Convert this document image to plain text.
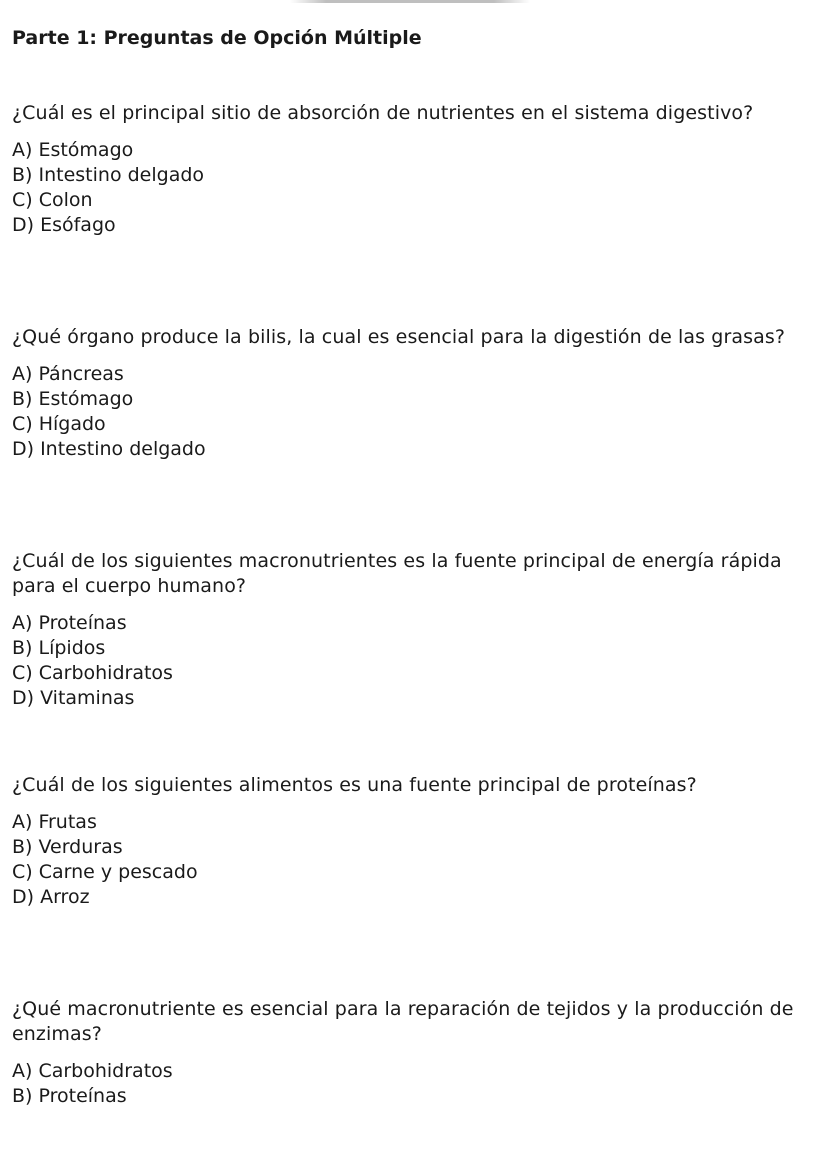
Parte 1: Preguntas de Opción Múltiple

¿Cuál es el principal sitio de absorción de nutrientes en el sistema digestivo?

A) Estómago
B) Intestino delgado
C) Colon
D) Esófago

¿Qué órgano produce la bilis, la cual es esencial para la digestión de las grasas?

A) Páncreas
B) Estómago
C) Hígado
D) Intestino delgado

¿Cuál de los siguientes macronutrientes es la fuente principal de energía rápida para el cuerpo humano?

A) Proteínas
B) Lípidos
C) Carbohidratos
D) Vitaminas

¿Cuál de los siguientes alimentos es una fuente principal de proteínas?

A) Frutas
B) Verduras
C) Carne y pescado
D) Arroz

¿Qué macronutriente es esencial para la reparación de tejidos y la producción de enzimas?

A) Carbohidratos
B) Proteínas
